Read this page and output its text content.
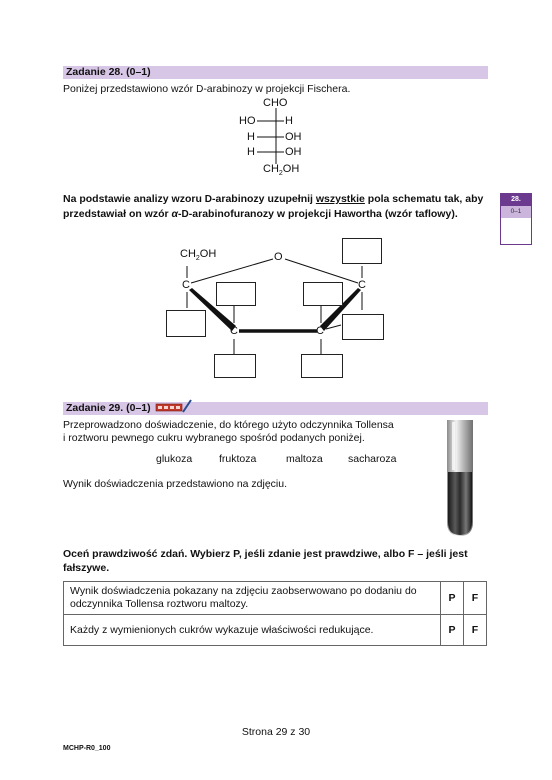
Zadanie 28. (0–1)
Poniżej przedstawiono wzór D-arabinozy w projekcji Fischera.
CHO
HO	H
H	OH
H	OH
$CH_2OH$
Na podstawie analizy wzoru D-arabinozy uzupełnij wszystkie pola schematu tak, aby
przedstawiał on wzór α-D-arabinofuranozy w projekcji Hawortha (wzór taflowy).
28.
0–1
$CH_2OH$	O
C	C
C	C
Zadanie 29. (0–1)
Przeprowadzono doświadczenie, do którego użyto odczynnika Tollensa
i roztworu pewnego cukru wybranego spośród podanych poniżej.
glukoza	fruktoza	maltoza sacharoza
Wynik doświadczenia przedstawiono na zdjęciu.
Oceń prawdziwość zdań. Wybierz P, jeśli zdanie jest prawdziwe, albo F – jeśli jest
fałszywe.
Wynik doświadczenia pokazany na zdjęciu zaobserwowano po dodaniu do
odczynnika Tollensa roztworu maltozy.	P	F

Każdy z wymienionych cukrów wykazuje właściwości redukujące.	P	F
Strona 29 z 30
MCHP-R0_100
